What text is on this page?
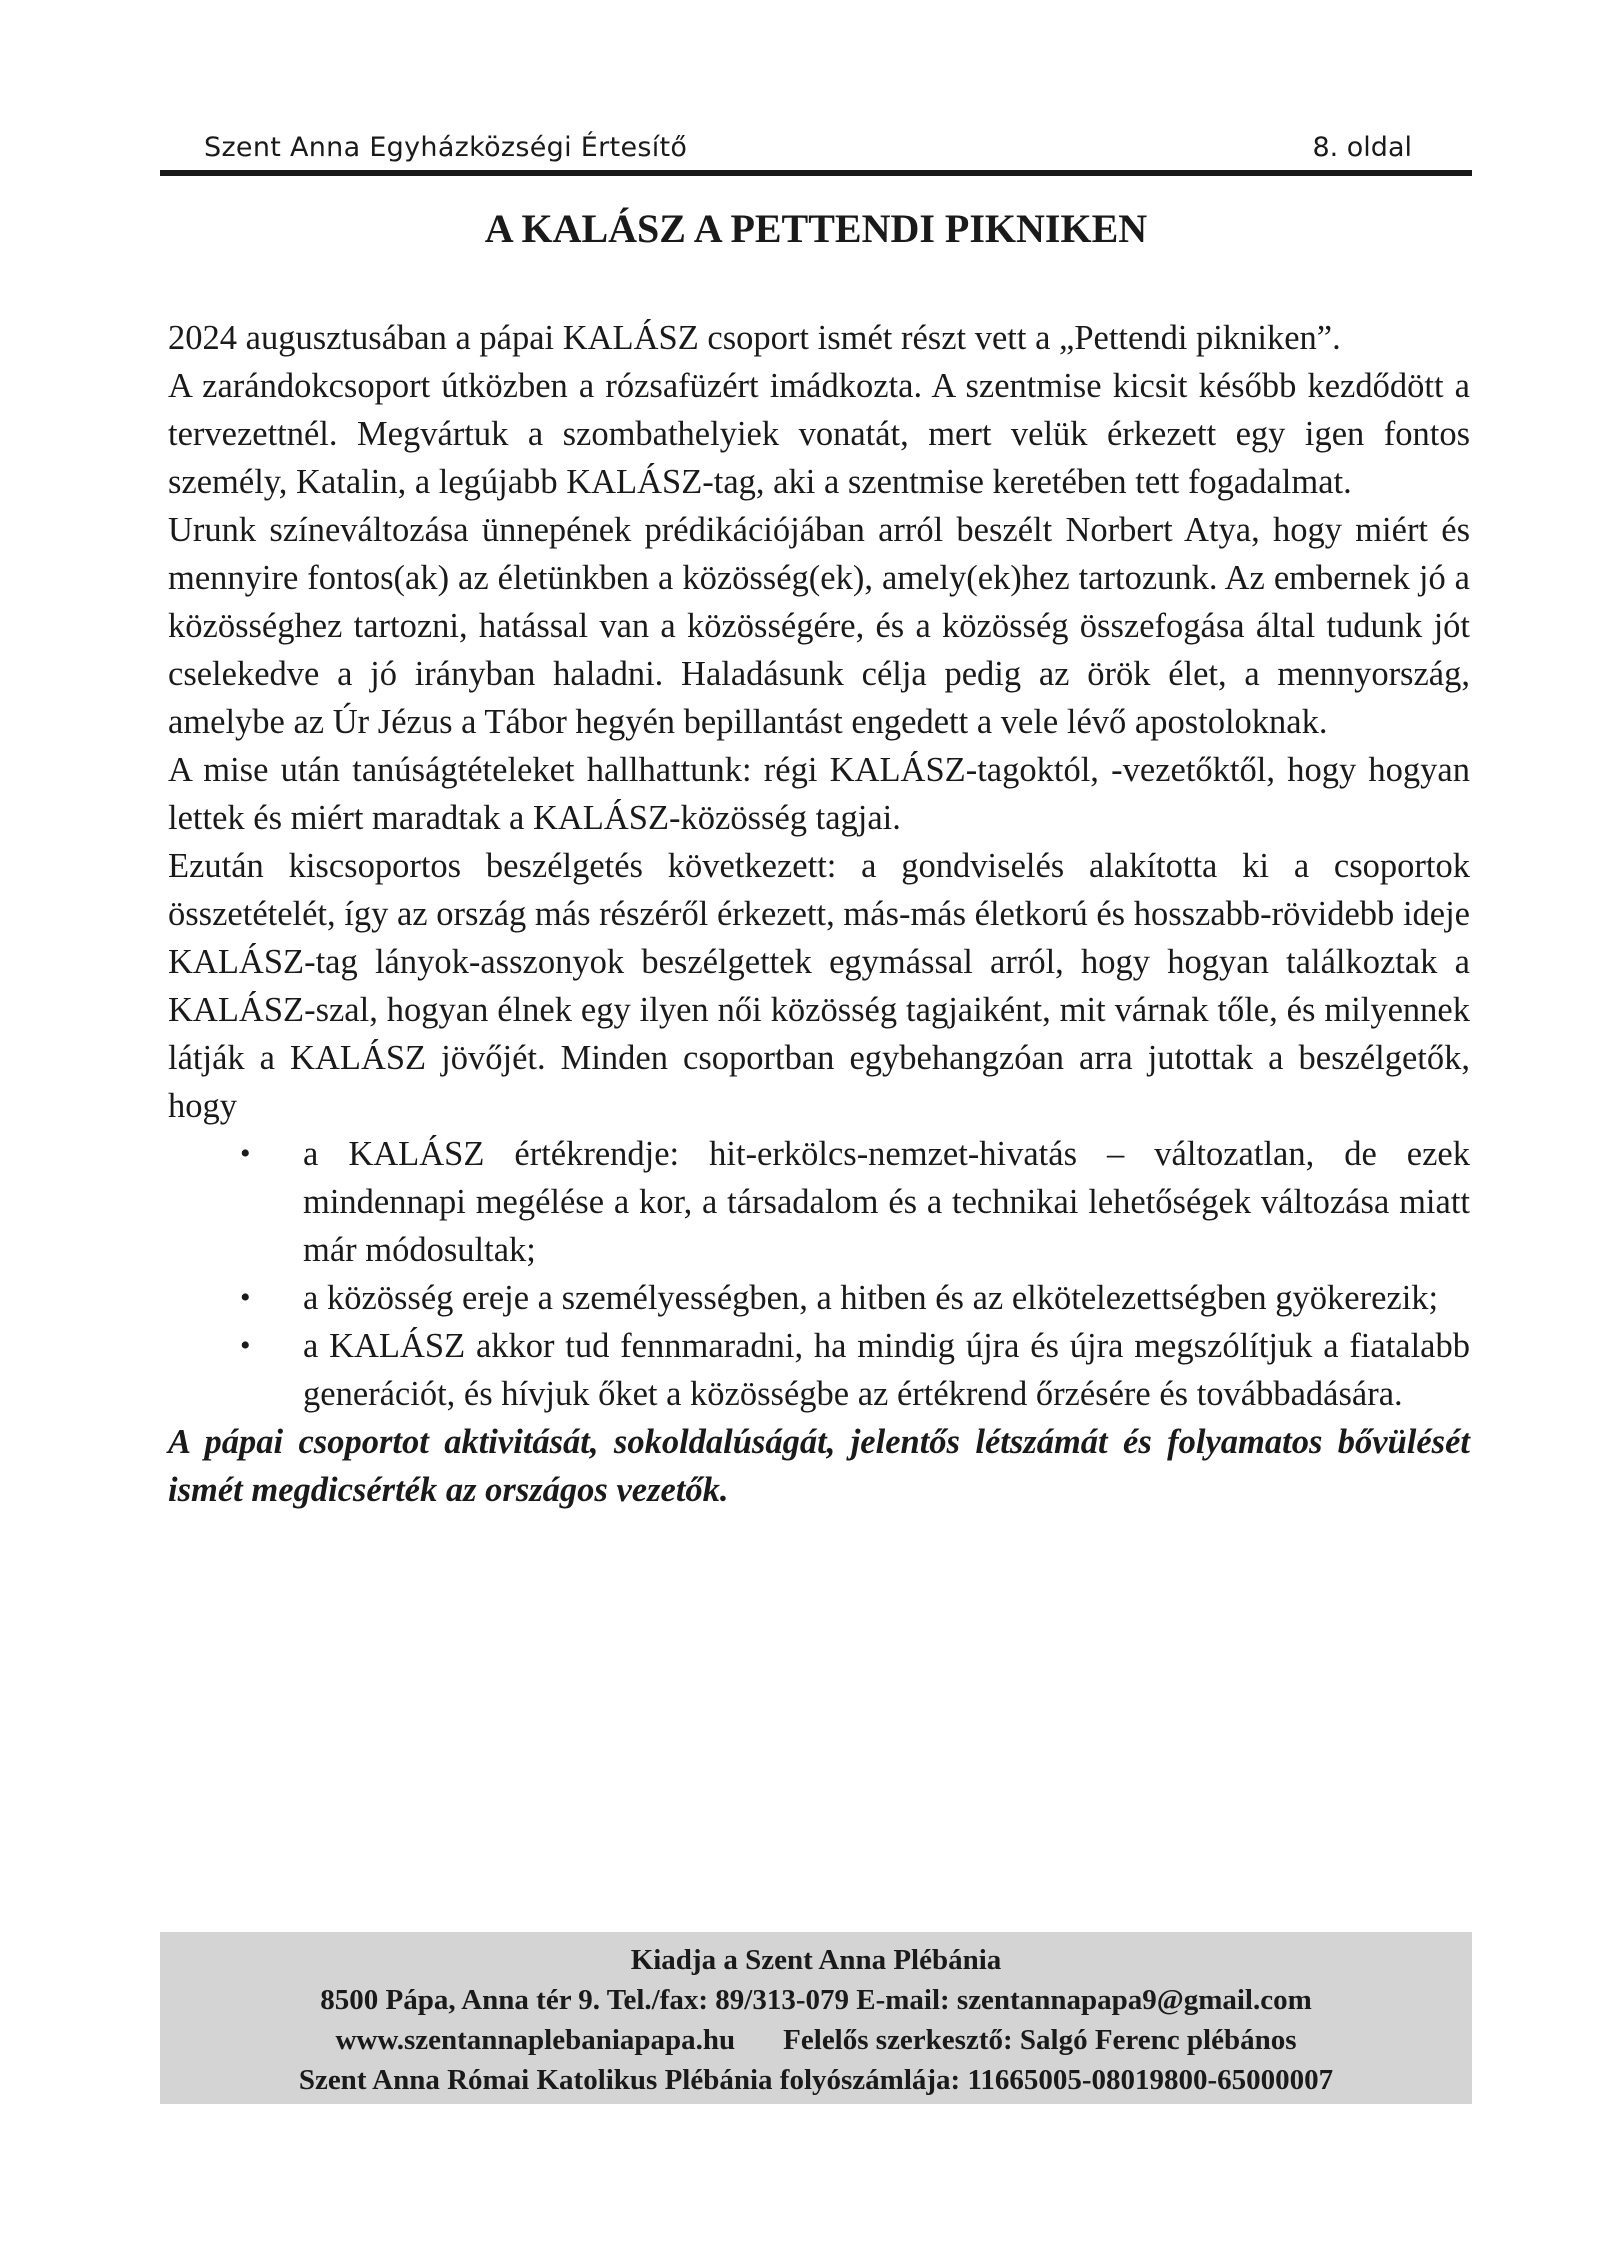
Szent Anna Egyházközségi Értesítő	8. oldal
A KALÁSZ A PETTENDI PIKNIKEN

2024 augusztusában a pápai KALÁSZ csoport ismét részt vett a „Pettendi pikniken”.

A zarándokcsoport útközben a rózsafüzért imádkozta. A szentmise kicsit később kezdődött a tervezettnél. Megvártuk a szombathelyiek vonatát, mert velük érkezett egy igen fontos személy, Katalin, a legújabb KALÁSZ-tag, aki a szentmise keretében tett fogadalmat.

Urunk színeváltozása ünnepének prédikációjában arról beszélt Norbert Atya, hogy miért és mennyire fontos(ak) az életünkben a közösség(ek), amely(ek)hez tartozunk. Az embernek jó a közösséghez tartozni, hatással van a közösségére, és a közösség összefogása által tudunk jót cselekedve a jó irányban haladni. Haladásunk célja pedig az örök élet, a mennyország, amelybe az Úr Jézus a Tábor hegyén bepillantást engedett a vele lévő apostoloknak.

A mise után tanúságtételeket hallhattunk: régi KALÁSZ-tagoktól, -vezetőktől, hogy hogyan lettek és miért maradtak a KALÁSZ-közösség tagjai.

Ezután kiscsoportos beszélgetés következett: a gondviselés alakította ki a csoportok összetételét, így az ország más részéről érkezett, más-más életkorú és hosszabb-rövidebb ideje KALÁSZ-tag lányok-asszonyok beszélgettek egymással arról, hogy hogyan találkoztak a KALÁSZ-szal, hogyan élnek egy ilyen női közösség tagjaiként, mit várnak tőle, és milyennek látják a KALÁSZ jövőjét. Minden csoportban egybehangzóan arra jutottak a beszélgetők, hogy

• a KALÁSZ értékrendje: hit-erkölcs-nemzet-hivatás – változatlan, de ezek mindennapi megélése a kor, a társadalom és a technikai lehetőségek változása miatt már módosultak;
• a közösség ereje a személyességben, a hitben és az elkötelezettségben gyökerezik;
• a KALÁSZ akkor tud fennmaradni, ha mindig újra és újra megszólítjuk a fiatalabb generációt, és hívjuk őket a közösségbe az értékrend őrzésére és továbbadására.

A pápai csoportot aktivitását, sokoldalúságát, jelentős létszámát és folyamatos bővülését ismét megdicsérték az országos vezetők.

Kiadja a Szent Anna Plébánia
8500 Pápa, Anna tér 9. Tel./fax: 89/313-079 E-mail: szentannapapa9@gmail.com
www.szentannaplebaniapapa.hu Felelős szerkesztő: Salgó Ferenc plébános
Szent Anna Római Katolikus Plébánia folyószámlája: 11665005-08019800-65000007
